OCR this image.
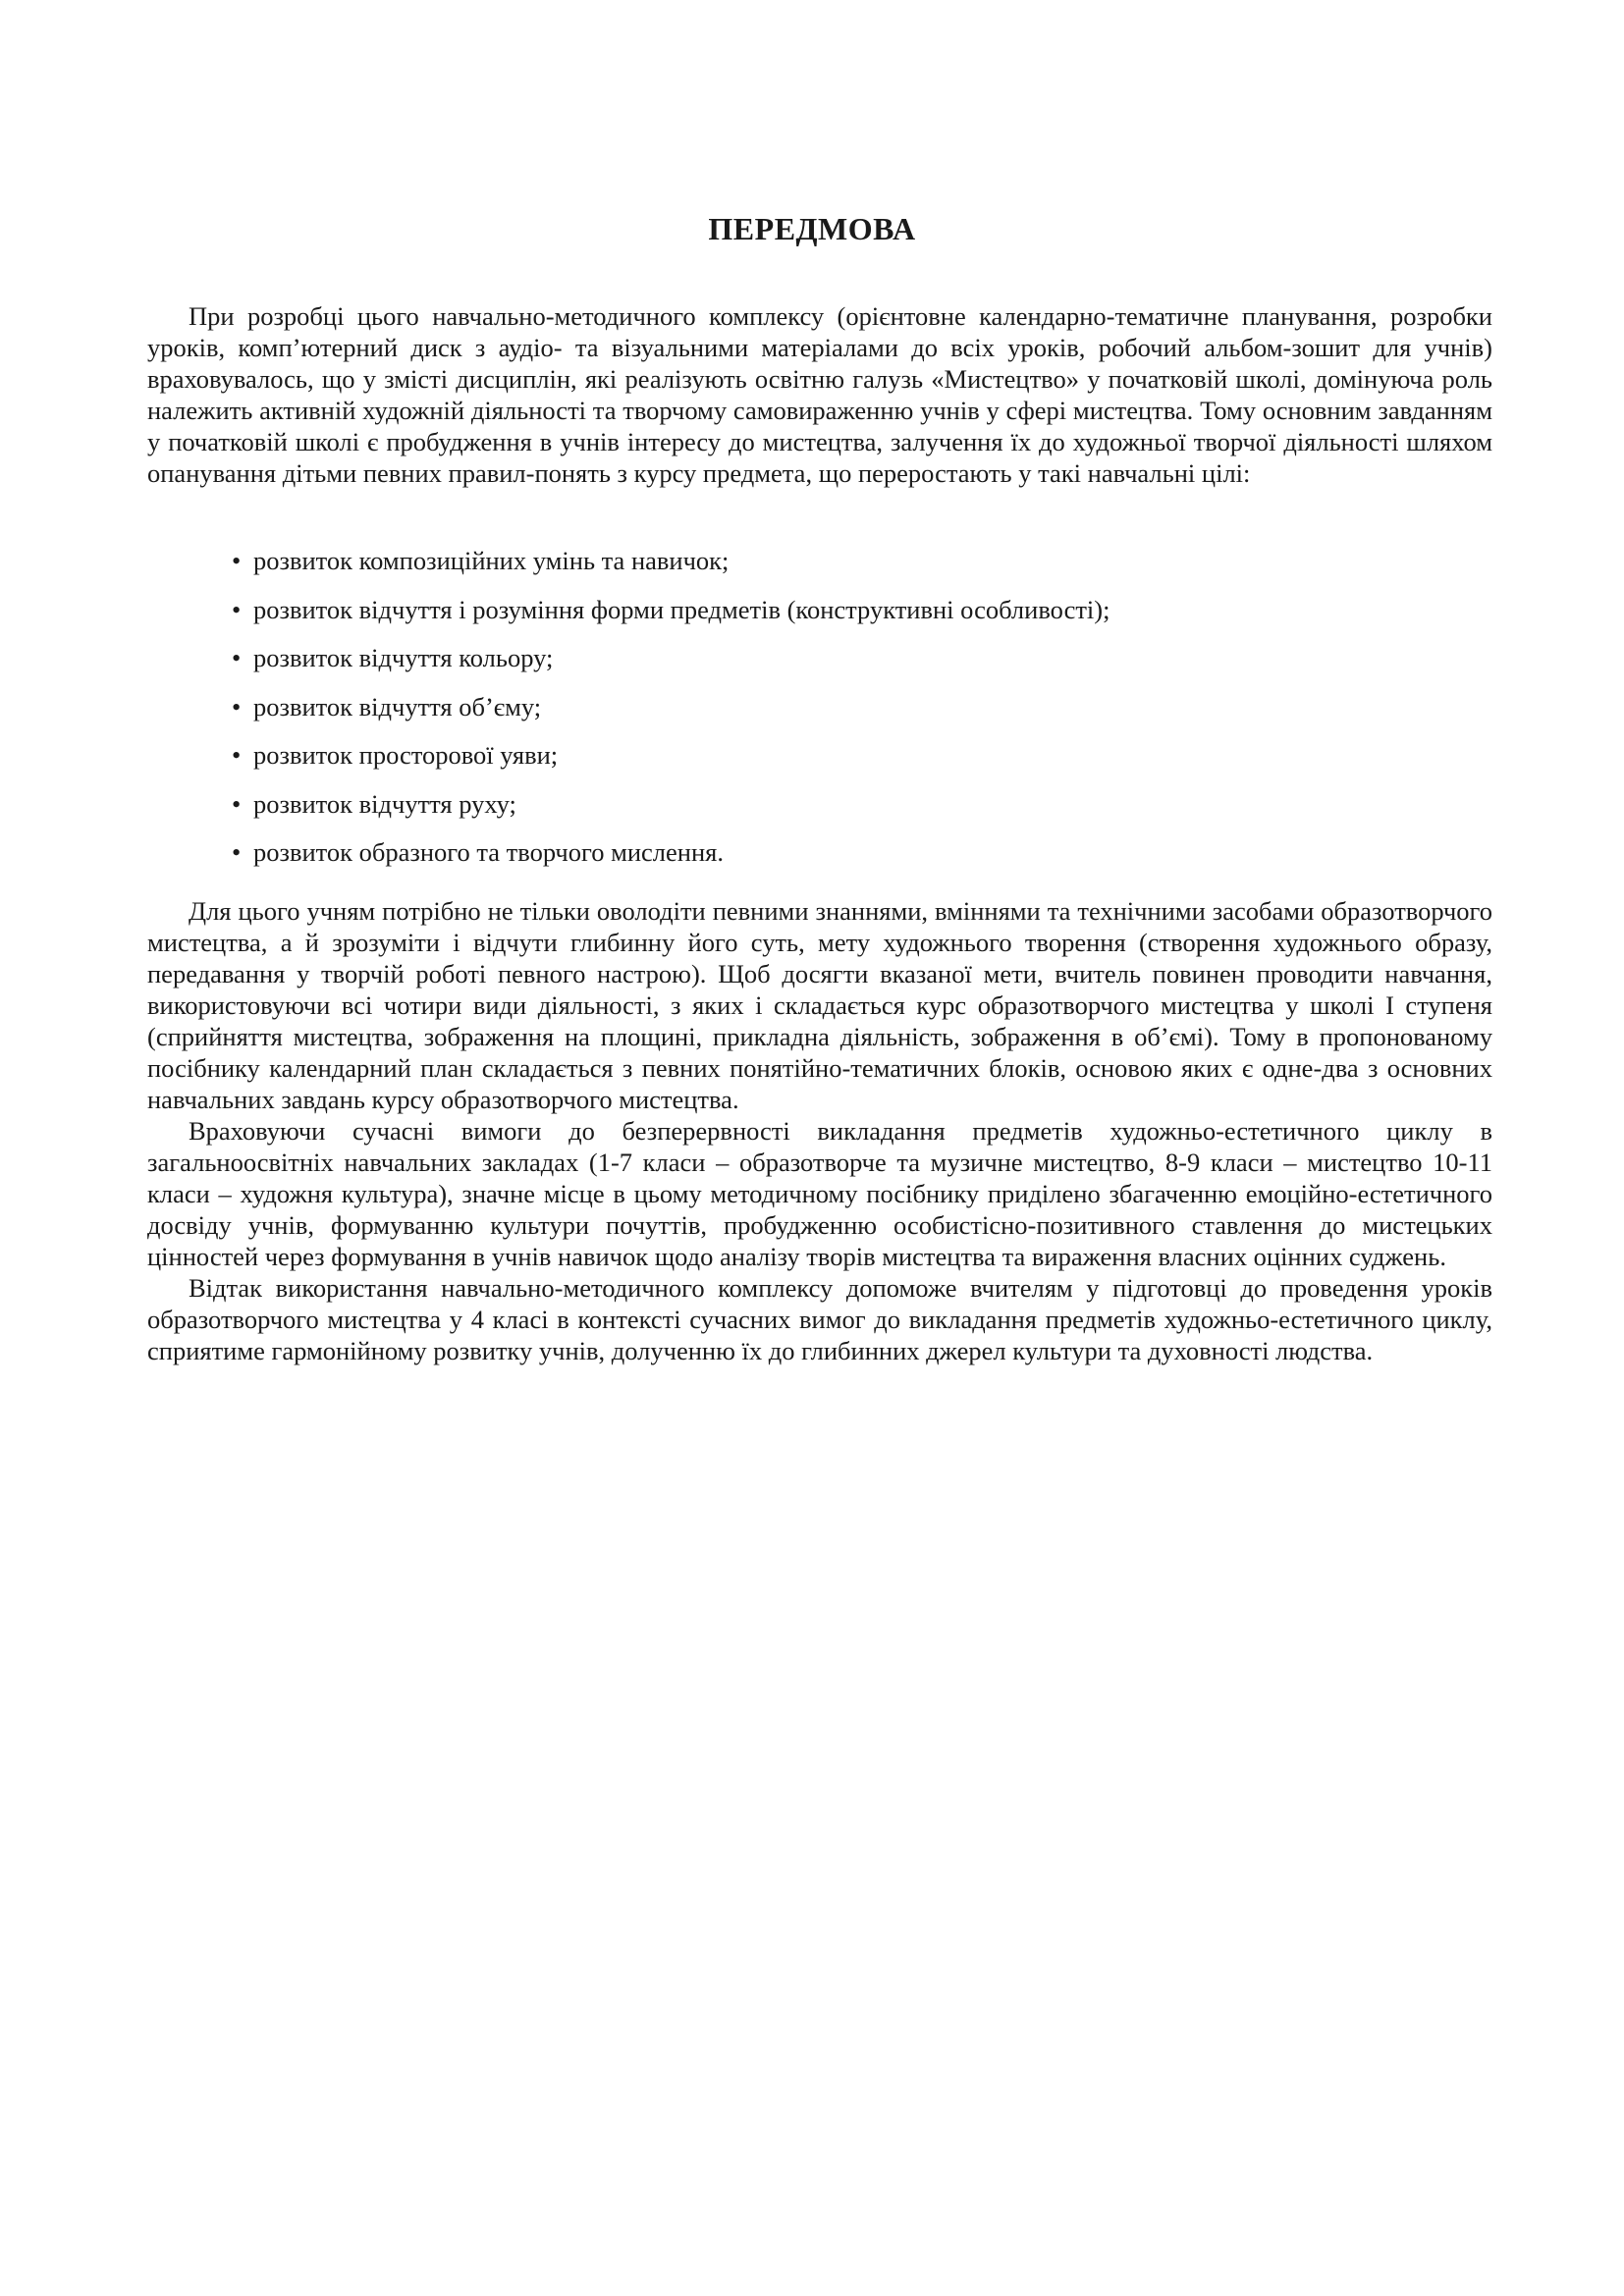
ПЕРЕДМОВА

При розробці цього навчально-методичного комплексу (орієнтовне календарно-тематичне планування, розробки уроків, комп’ютерний диск з аудіо- та візуальними матеріалами до всіх уроків, робочий альбом-зошит для учнів) враховувалось, що у змісті дисциплін, які реалізують освітню галузь «Мистецтво» у початковій школі, домінуюча роль належить активній художній діяльності та творчому самовираженню учнів у сфері мистецтва. Тому основним завданням у початковій школі є пробудження в учнів інтересу до мистецтва, залучення їх до художньої творчої діяльності шляхом опанування дітьми певних правил-понять з курсу предмета, що переростають у такі навчальні цілі:

• розвиток композиційних умінь та навичок;
• розвиток відчуття і розуміння форми предметів (конструктивні особливості);
• розвиток відчуття кольору;
• розвиток відчуття об’єму;
• розвиток просторової уяви;
• розвиток відчуття руху;
• розвиток образного та творчого мислення.

Для цього учням потрібно не тільки оволодіти певними знаннями, вміннями та технічними засобами образотворчого мистецтва, а й зрозуміти і відчути глибинну його суть, мету художнього творення (створення художнього образу, передавання у творчій роботі певного настрою). Щоб досягти вказаної мети, вчитель повинен проводити навчання, використовуючи всі чотири види діяльності, з яких і складається курс образотворчого мистецтва у школі I ступеня (сприйняття мистецтва, зображення на площині, прикладна діяльність, зображення в об’ємі). Тому в пропонованому посібнику календарний план складається з певних понятійно-тематичних блоків, основою яких є одне-два з основних навчальних завдань курсу образотворчого мистецтва.

Враховуючи сучасні вимоги до безперервності викладання предметів художньо-естетичного циклу в загальноосвітніх навчальних закладах (1-7 класи – образотворче та музичне мистецтво, 8-9 класи – мистецтво 10-11 класи – художня культура), значне місце в цьому методичному посібнику приділено збагаченню емоційно-естетичного досвіду учнів, формуванню культури почуттів, пробудженню особистісно-позитивного ставлення до мистецьких цінностей через формування в учнів навичок щодо аналізу творів мистецтва та вираження власних оцінних суджень.

Відтак використання навчально-методичного комплексу допоможе вчителям у підготовці до проведення уроків образотворчого мистецтва у 4 класі в контексті сучасних вимог до викладання предметів художньо-естетичного циклу, сприятиме гармонійному розвитку учнів, долученню їх до глибинних джерел культури та духовності людства.
